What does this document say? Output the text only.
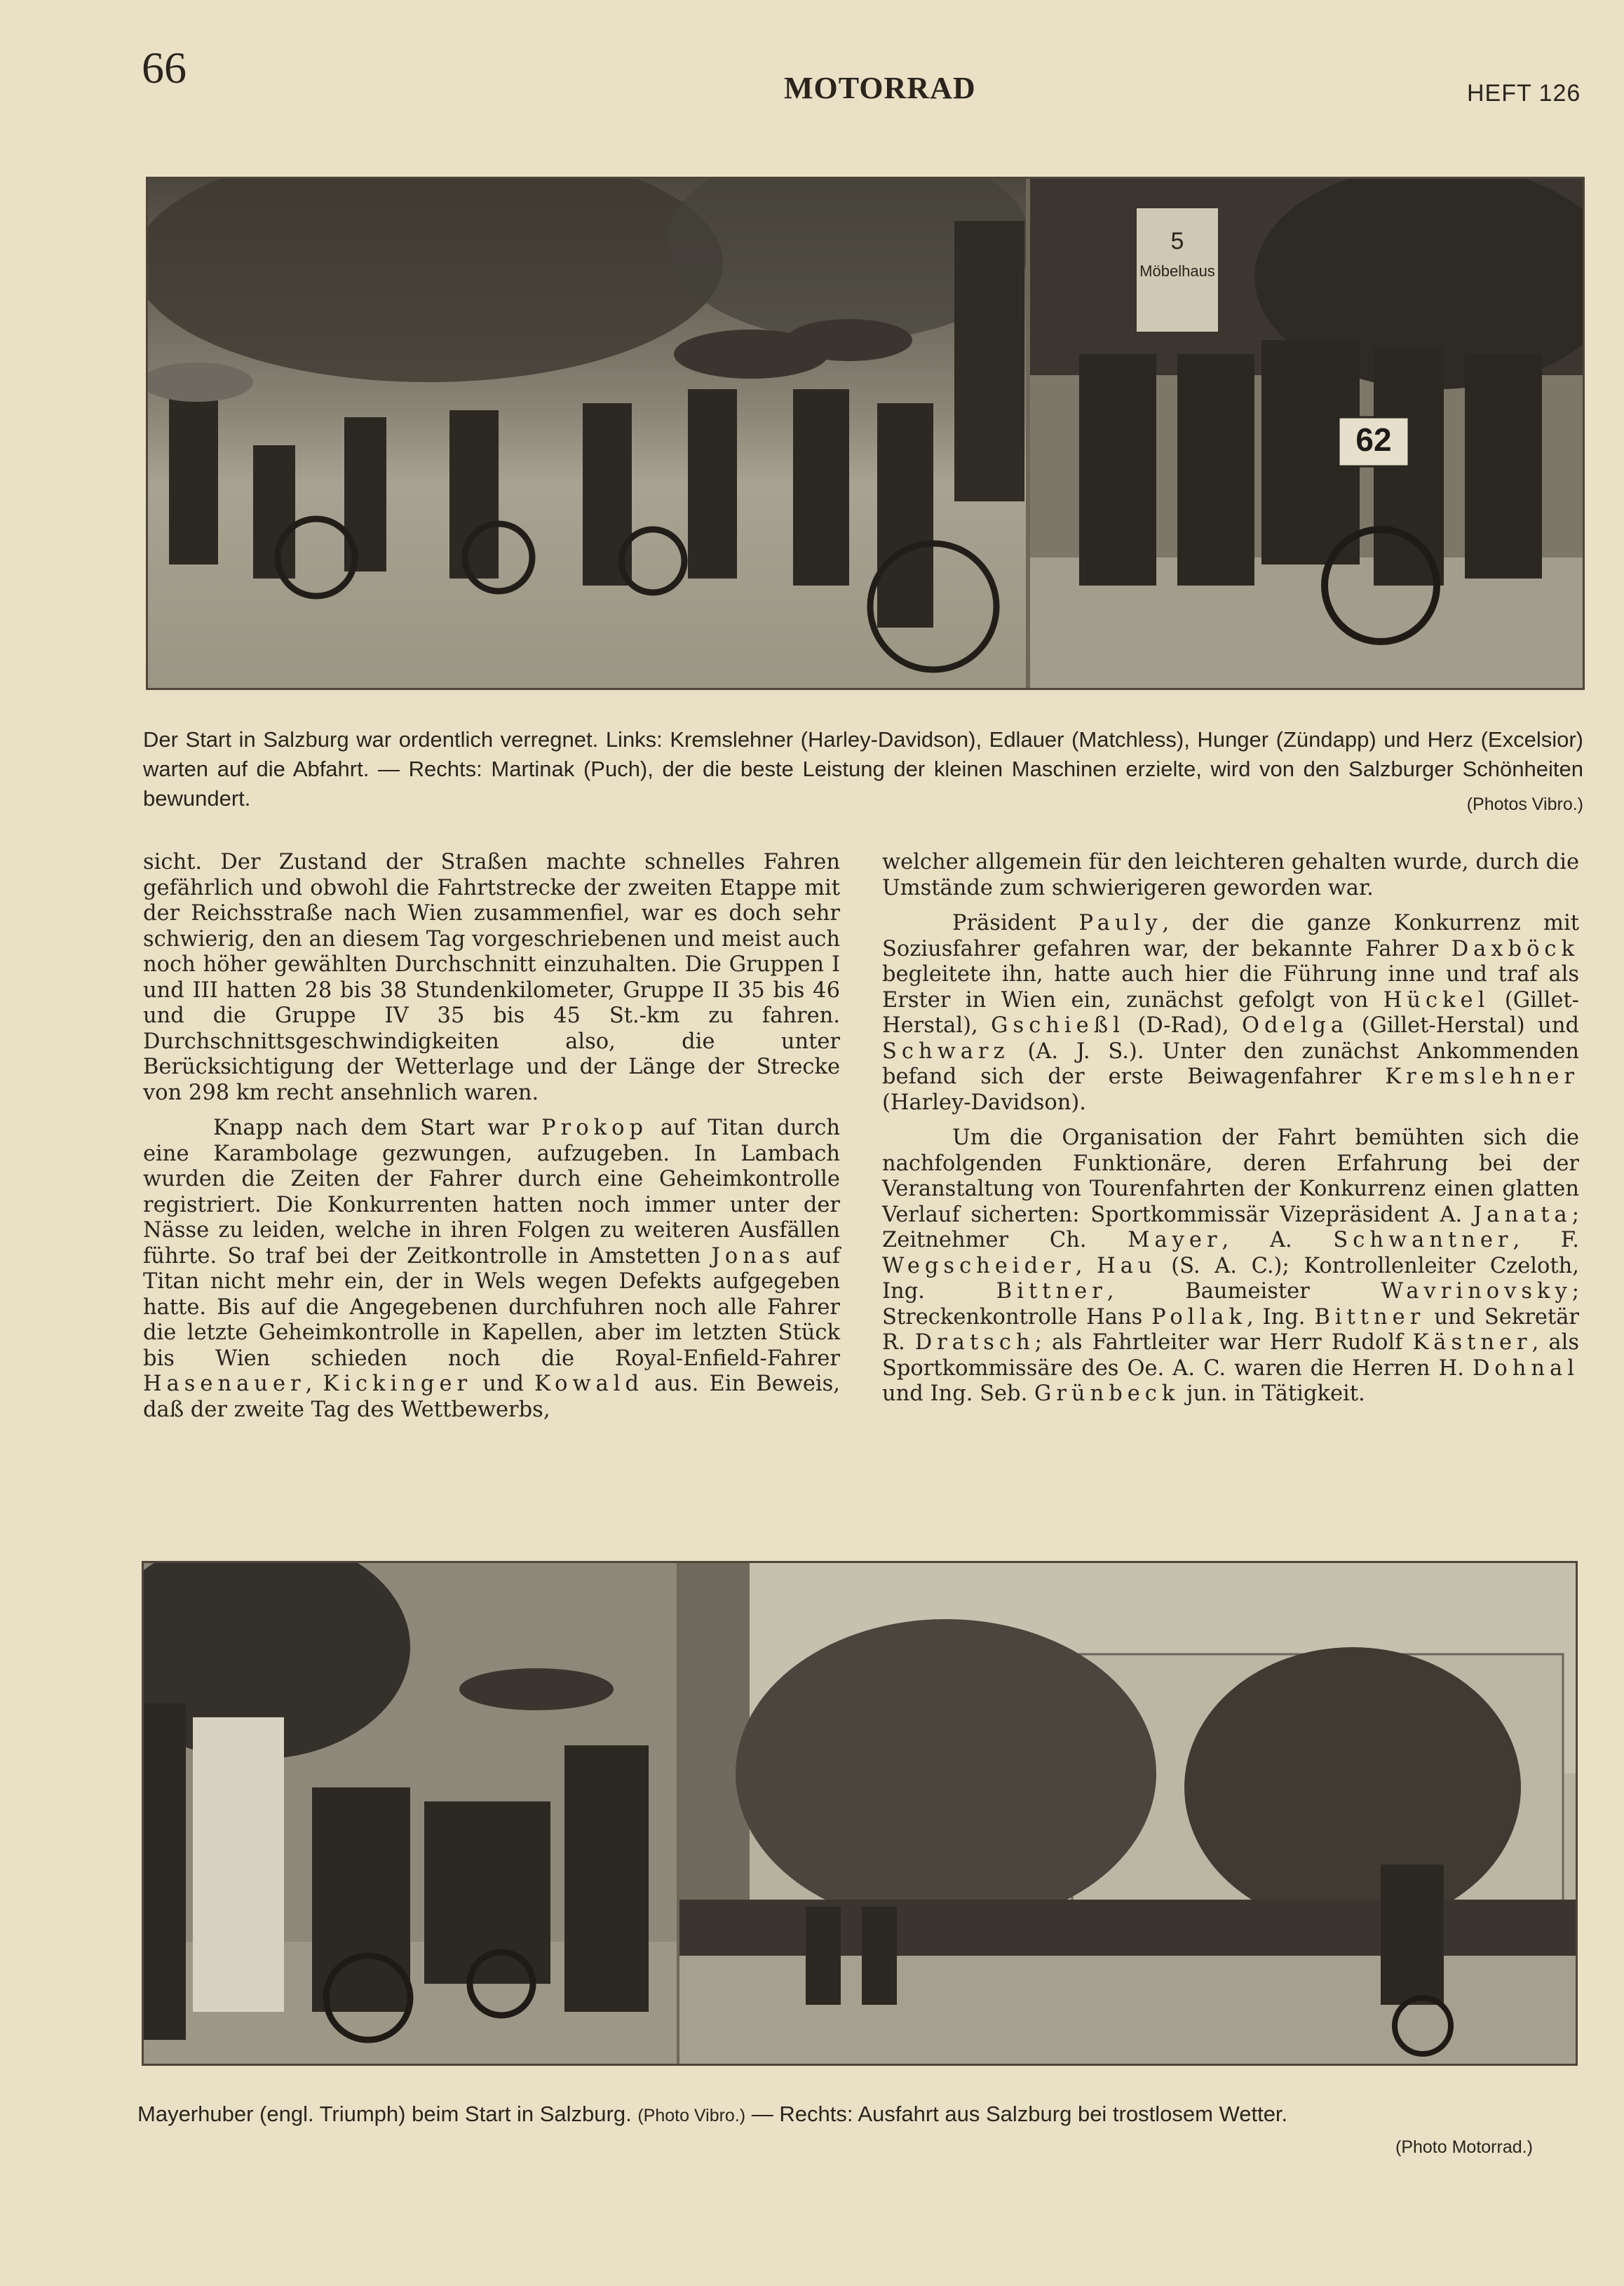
66	MOTORRAD	HEFT 126
5
Möbelhaus
62
Der Start in Salzburg war ordentlich verregnet. Links: Kremslehner (Harley-Davidson), Edlauer (Matchless), Hunger (Zündapp) und Herz (Excelsior) warten auf die Abfahrt. — Rechts: Martinak (Puch), der die beste Leistung der kleinen Maschinen erzielte, wird von den Salzburger Schönheiten bewundert.	(Photos Vibro.)

sicht. Der Zustand der Straßen machte schnelles Fahren gefährlich und obwohl die Fahrtstrecke der zweiten Etappe mit der Reichsstraße nach Wien zusammenfiel, war es doch sehr schwierig, den an diesem Tag vorgeschriebenen und meist auch noch höher gewählten Durchschnitt einzuhalten. Die Gruppen I und III hatten 28 bis 38 Stundenkilometer, Gruppe II 35 bis 46 und die Gruppe IV 35 bis 45 St.-km zu fahren. Durchschnittsgeschwindigkeiten also, die unter Berücksichtigung der Wetterlage und der Länge der Strecke von 298 km recht ansehnlich waren.

Knapp nach dem Start war Prokop auf Titan durch eine Karambolage gezwungen, aufzugeben. In Lambach wurden die Zeiten der Fahrer durch eine Geheimkontrolle registriert. Die Konkurrenten hatten noch immer unter der Nässe zu leiden, welche in ihren Folgen zu weiteren Ausfällen führte. So traf bei der Zeitkontrolle in Amstetten Jonas auf Titan nicht mehr ein, der in Wels wegen Defekts aufgegeben hatte. Bis auf die Angegebenen durchfuhren noch alle Fahrer die letzte Geheimkontrolle in Kapellen, aber im letzten Stück bis Wien schieden noch die Royal-Enfield-Fahrer Hasenauer, Kickinger und Kowald aus. Ein Beweis, daß der zweite Tag des Wettbewerbs,

welcher allgemein für den leichteren gehalten wurde, durch die Umstände zum schwierigeren geworden war.

Präsident Pauly, der die ganze Konkurrenz mit Soziusfahrer gefahren war, der bekannte Fahrer Daxböck begleitete ihn, hatte auch hier die Führung inne und traf als Erster in Wien ein, zunächst gefolgt von Hückel (Gillet-Herstal), Gschießl (D-Rad), Odelga (Gillet-Herstal) und Schwarz (A. J. S.). Unter den zunächst Ankommenden befand sich der erste Beiwagenfahrer Kremslehner (Harley-Davidson).

Um die Organisation der Fahrt bemühten sich die nachfolgenden Funktionäre, deren Erfahrung bei der Veranstaltung von Tourenfahrten der Konkurrenz einen glatten Verlauf sicherten: Sportkommissär Vizepräsident A. Janata; Zeitnehmer Ch. Mayer, A. Schwantner, F. Wegscheider, Hau (S. A. C.); Kontrollenleiter Czeloth, Ing. Bittner, Baumeister Wavrinovsky; Streckenkontrolle Hans Pollak, Ing. Bittner und Sekretär R. Dratsch; als Fahrtleiter war Herr Rudolf Kästner, als Sportkommissäre des Oe. A. C. waren die Herren H. Dohnal und Ing. Seb. Grünbeck jun. in Tätigkeit.

Mayerhuber (engl. Triumph) beim Start in Salzburg. (Photo Vibro.) — Rechts: Ausfahrt aus Salzburg bei trostlosem Wetter.
(Photo Motorrad.)
